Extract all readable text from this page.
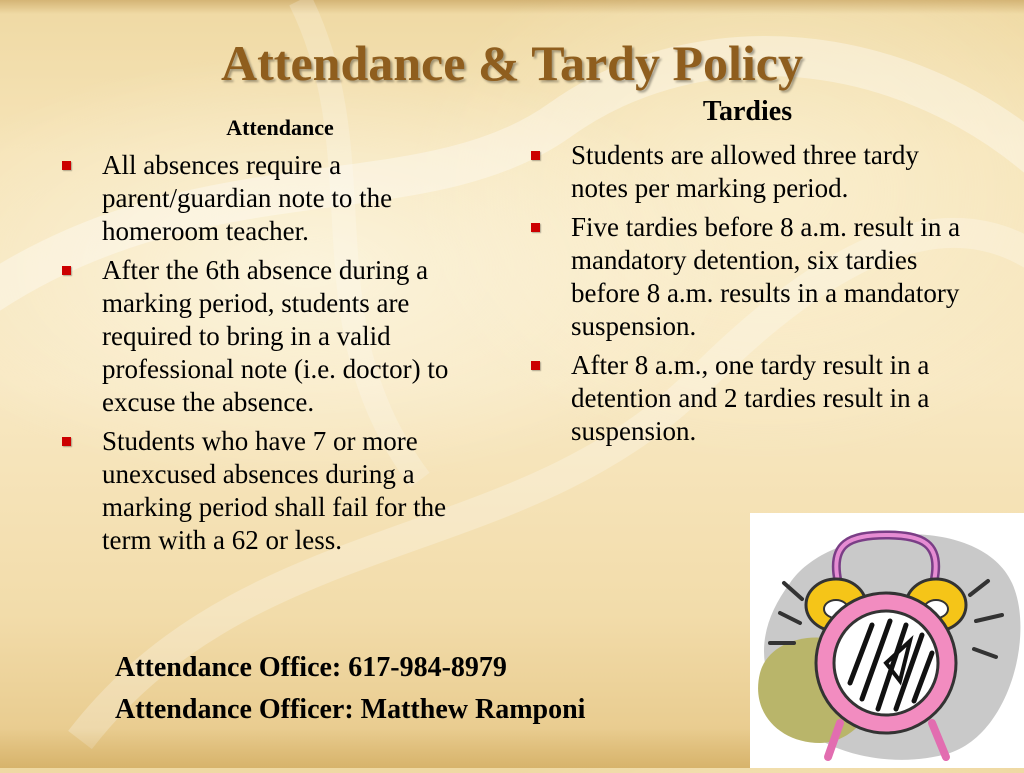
Attendance & Tardy Policy
Attendance
All absences require a parent/guardian note to the homeroom teacher.
After the 6th absence during a marking period, students are required to bring in a valid professional note (i.e. doctor) to excuse the absence.
Students who have 7 or more unexcused absences during a marking period shall fail for the term with a 62 or less.
Tardies
Students are allowed three tardy notes per marking period.
Five tardies before 8 a.m. result in a mandatory detention, six tardies before 8 a.m. results in a mandatory suspension.
After 8 a.m., one tardy result in a detention and 2 tardies result in a suspension.
Attendance Office: 617-984-8979
Attendance Officer: Matthew Ramponi
